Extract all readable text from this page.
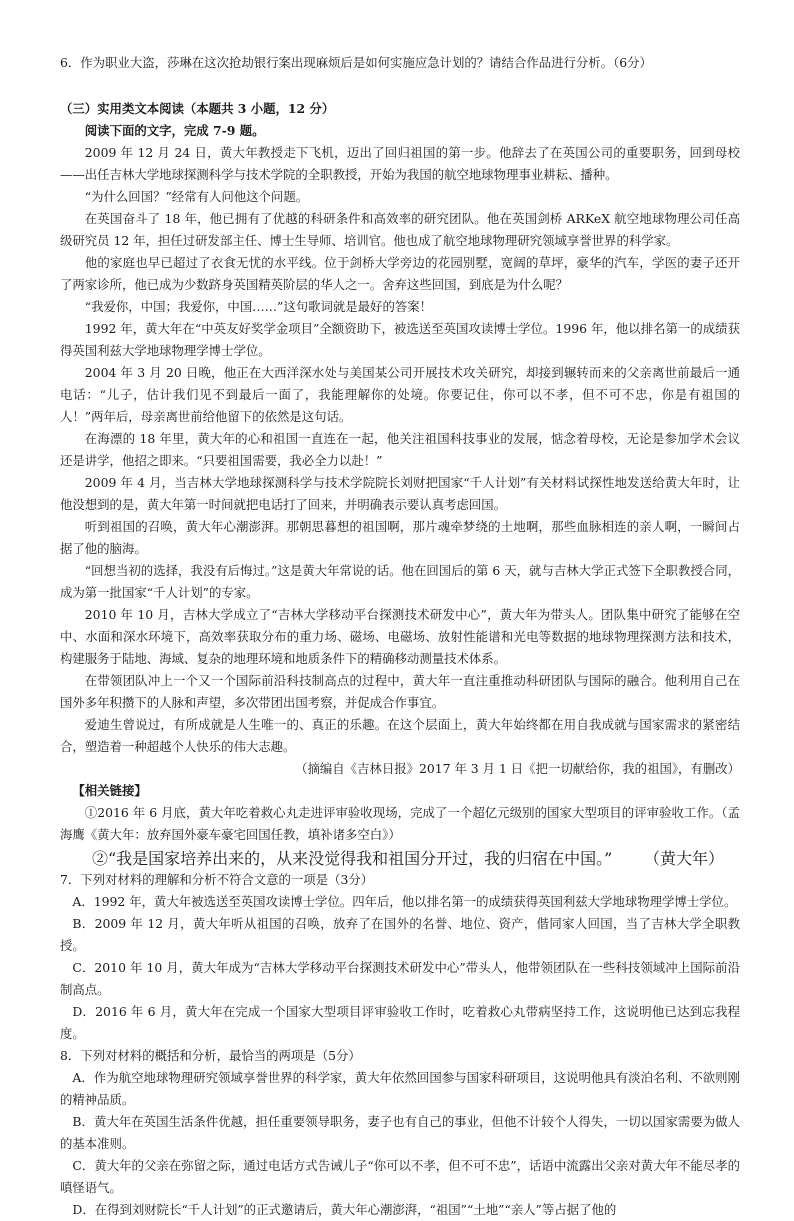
6．作为职业大盗，莎琳在这次抢劫银行案出现麻烦后是如何实施应急计划的？请结合作品进行分析。（6分）

（三）实用类文本阅读（本题共 3 小题，12 分）

阅读下面的文字，完成 7-9 题。

2009 年 12 月 24 日，黄大年教授走下飞机，迈出了回归祖国的第一步。他辞去了在英国公司的重要职务，回到母校——出任吉林大学地球探测科学与技术学院的全职教授，开始为我国的航空地球物理事业耕耘、播种。

“为什么回国？”经常有人问他这个问题。

在英国奋斗了 18 年，他已拥有了优越的科研条件和高效率的研究团队。他在英国剑桥 ARKeX 航空地球物理公司任高级研究员 12 年，担任过研发部主任、博士生导师、培训官。他也成了航空地球物理研究领域享誉世界的科学家。

他的家庭也早已超过了衣食无忧的水平线。位于剑桥大学旁边的花园别墅，宽阔的草坪，豪华的汽车，学医的妻子还开了两家诊所，他已成为少数跻身英国精英阶层的华人之一。舍弃这些回国，到底是为什么呢？

“我爱你，中国；我爱你，中国……”这句歌词就是最好的答案！

1992 年，黄大年在“中英友好奖学金项目”全额资助下，被选送至英国攻读博士学位。1996 年，他以排名第一的成绩获得英国利兹大学地球物理学博士学位。

2004 年 3 月 20 日晚，他正在大西洋深水处与美国某公司开展技术攻关研究，却接到辗转而来的父亲离世前最后一通电话：“儿子，估计我们见不到最后一面了，我能理解你的处境。你要记住，你可以不孝，但不可不忠，你是有祖国的人！”两年后，母亲离世前给他留下的依然是这句话。

在海漂的 18 年里，黄大年的心和祖国一直连在一起，他关注祖国科技事业的发展，惦念着母校，无论是参加学术会议还是讲学，他招之即来。“只要祖国需要，我必全力以赴！”

2009 年 4 月，当吉林大学地球探测科学与技术学院院长刘财把国家“千人计划”有关材料试探性地发送给黄大年时，让他没想到的是，黄大年第一时间就把电话打了回来，并明确表示要认真考虑回国。

听到祖国的召唤，黄大年心潮澎湃。那朝思暮想的祖国啊，那片魂牵梦绕的土地啊，那些血脉相连的亲人啊，一瞬间占据了他的脑海。

“回想当初的选择，我没有后悔过。”这是黄大年常说的话。他在回国后的第 6 天，就与吉林大学正式签下全职教授合同，成为第一批国家“千人计划”的专家。

2010 年 10 月，吉林大学成立了“吉林大学移动平台探测技术研发中心”，黄大年为带头人。团队集中研究了能够在空中、水面和深水环境下，高效率获取分布的重力场、磁场、电磁场、放射性能谱和光电等数据的地球物理探测方法和技术，构建服务于陆地、海域、复杂的地理环境和地质条件下的精确移动测量技术体系。

在带领团队冲上一个又一个国际前沿科技制高点的过程中，黄大年一直注重推动科研团队与国际的融合。他利用自己在国外多年积攒下的人脉和声望，多次带团出国考察，并促成合作事宜。

爱迪生曾说过，有所成就是人生唯一的、真正的乐趣。在这个层面上，黄大年始终都在用自我成就与国家需求的紧密结合，塑造着一种超越个人快乐的伟大志趣。

（摘编自《吉林日报》2017 年 3 月 1 日《把一切献给你，我的祖国》，有删改）

【相关链接】

①2016 年 6 月底，黄大年吃着救心丸走进评审验收现场，完成了一个超亿元级别的国家大型项目的评审验收工作。（孟海鹰《黄大年：放弃国外豪车豪宅回国任教，填补诸多空白》）

②“我是国家培养出来的，从来没觉得我和祖国分开过，我的归宿在中国。” （黄大年）

7．下列对材料的理解和分析不符合文意的一项是（3分）

A．1992 年，黄大年被选送至英国攻读博士学位。四年后，他以排名第一的成绩获得英国利兹大学地球物理学博士学位。

B．2009 年 12 月，黄大年听从祖国的召唤，放弃了在国外的名誉、地位、资产，偕同家人回国，当了吉林大学全职教授。

C．2010 年 10 月，黄大年成为“吉林大学移动平台探测技术研发中心”带头人，他带领团队在一些科技领域冲上国际前沿制高点。

D．2016 年 6 月，黄大年在完成一个国家大型项目评审验收工作时，吃着救心丸带病坚持工作，这说明他已达到忘我程度。

8．下列对材料的概括和分析，最恰当的两项是（5分）

A．作为航空地球物理研究领域享誉世界的科学家，黄大年依然回国参与国家科研项目，这说明他具有淡泊名利、不欲则刚的精神品质。

B．黄大年在英国生活条件优越，担任重要领导职务，妻子也有自己的事业，但他不计较个人得失，一切以国家需要为做人的基本准则。

C．黄大年的父亲在弥留之际，通过电话方式告诫儿子“你可以不孝，但不可不忠”，话语中流露出父亲对黄大年不能尽孝的嗔怪语气。

D．在得到刘财院长“千人计划”的正式邀请后，黄大年心潮澎湃，“祖国”“土地”“亲人”等占据了他的
